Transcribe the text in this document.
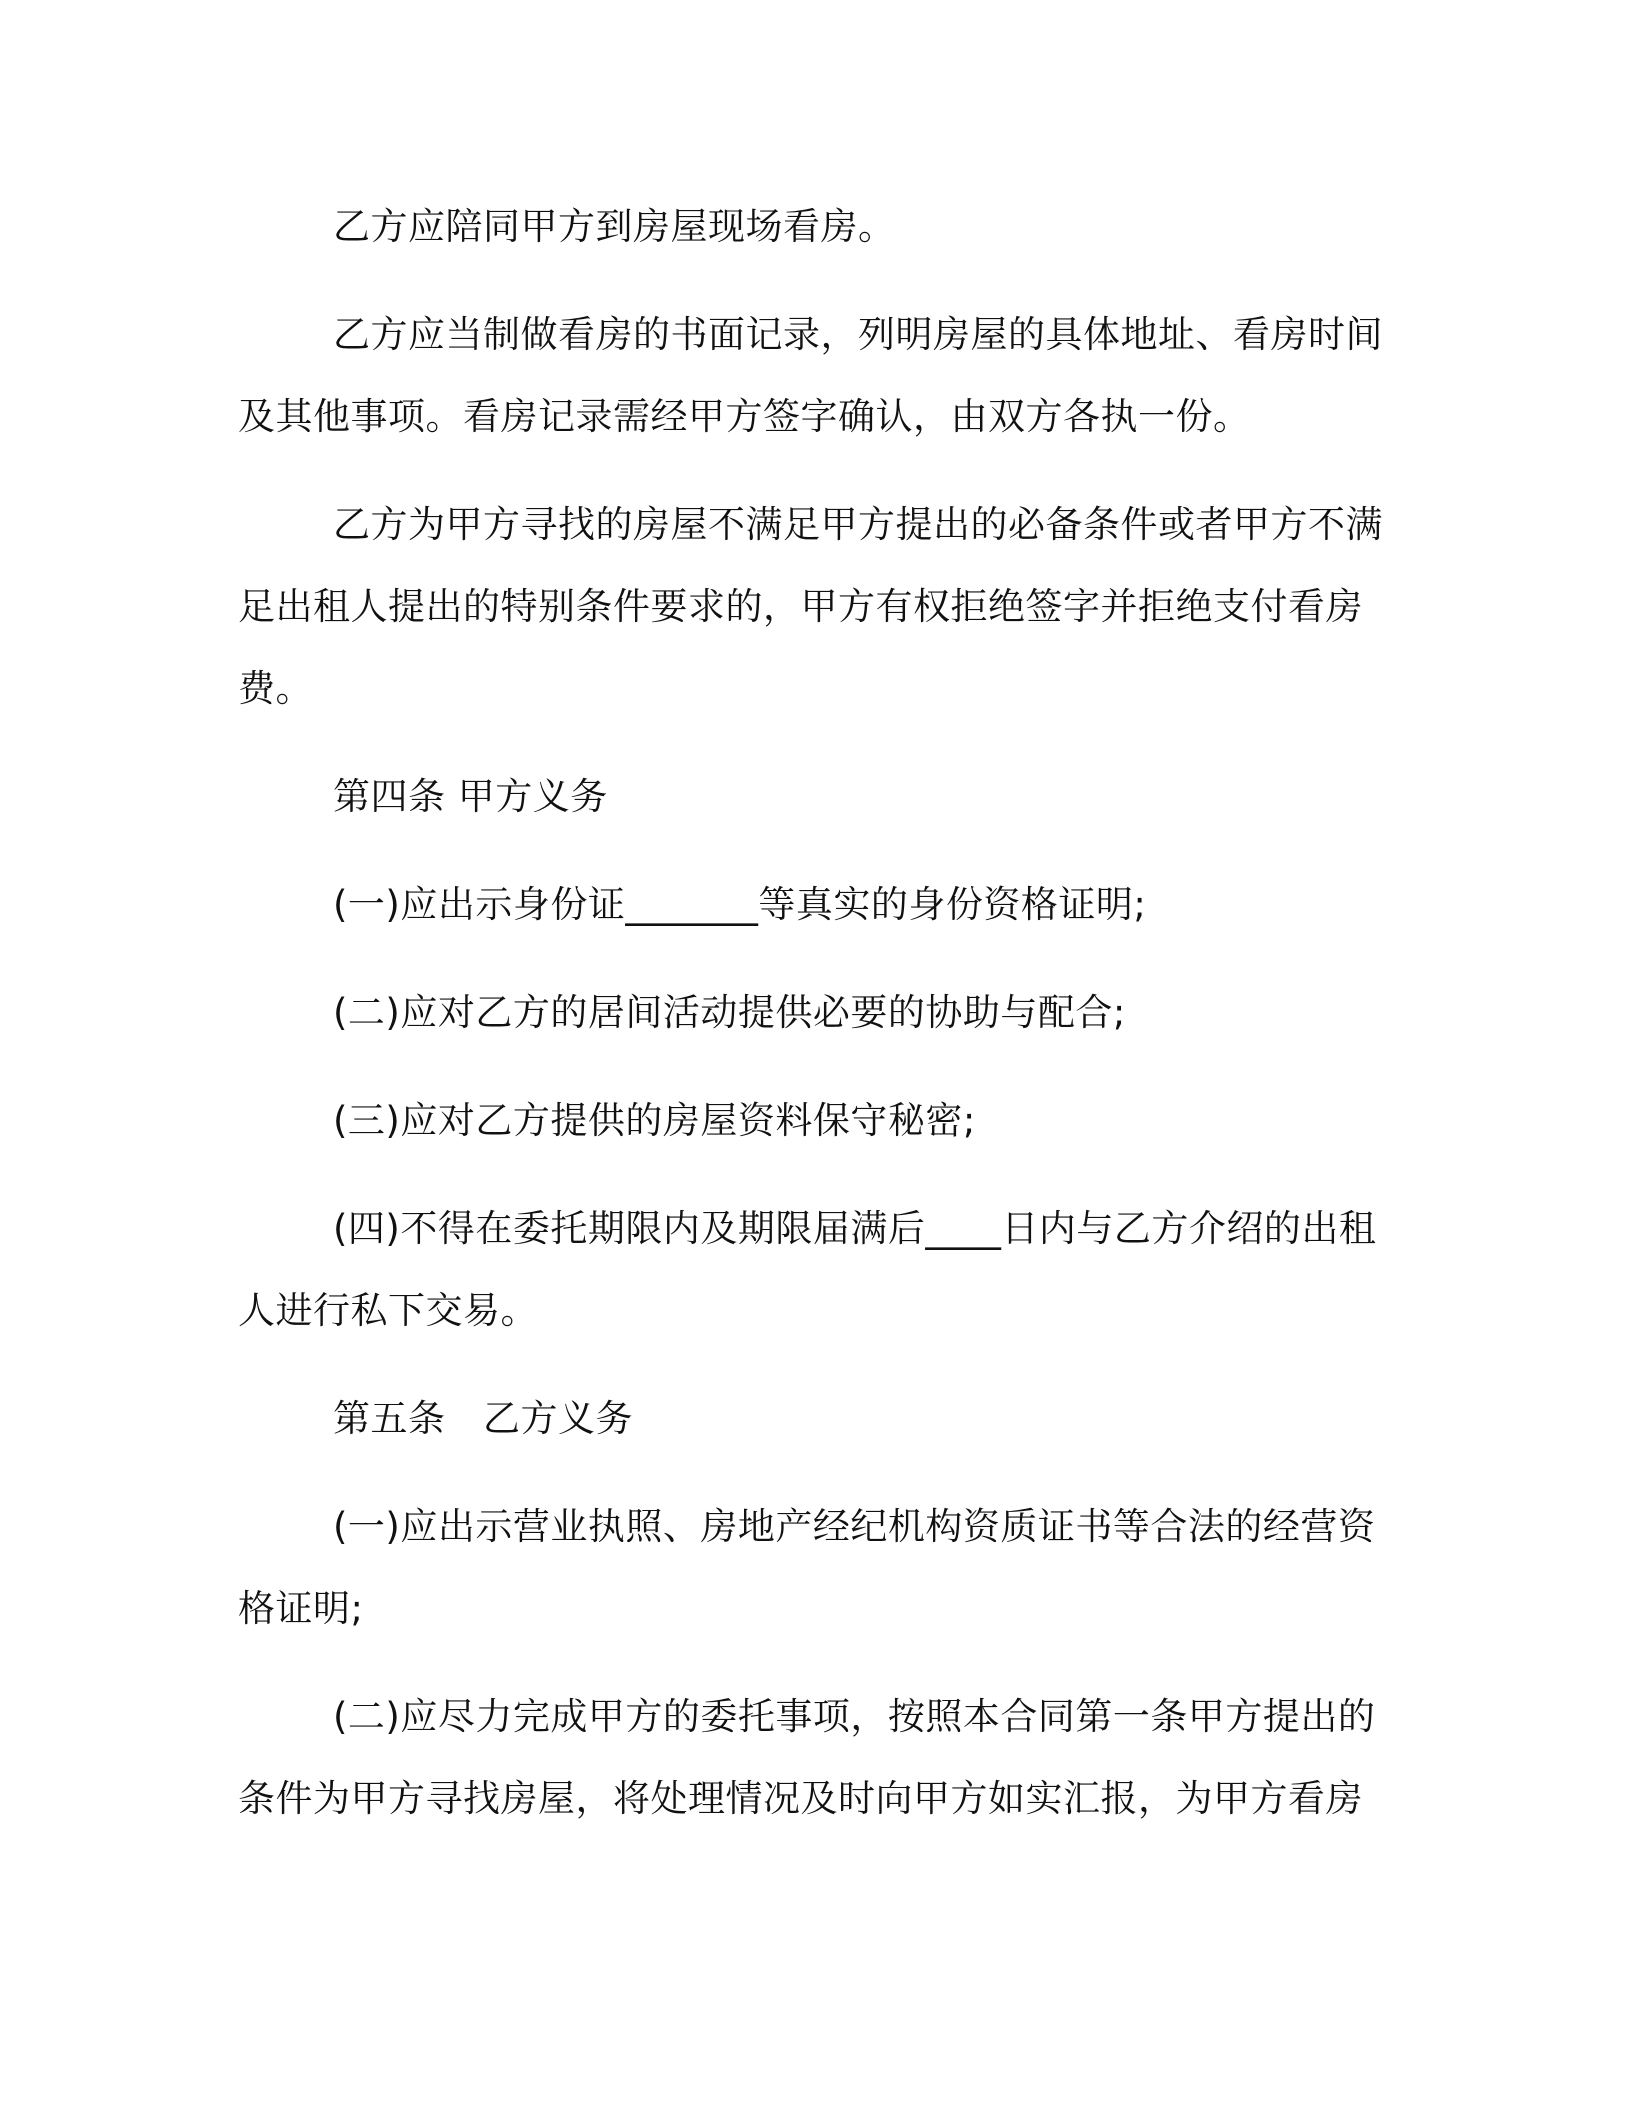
乙方应陪同甲方到房屋现场看房。

乙方应当制做看房的书面记录，列明房屋的具体地址、看房时间及其他事项。看房记录需经甲方签字确认，由双方各执一份。

乙方为甲方寻找的房屋不满足甲方提出的必备条件或者甲方不满足出租人提出的特别条件要求的，甲方有权拒绝签字并拒绝支付看房费。

第四条 甲方义务

(一)应出示身份证_______等真实的身份资格证明;

(二)应对乙方的居间活动提供必要的协助与配合;

(三)应对乙方提供的房屋资料保守秘密;

(四)不得在委托期限内及期限届满后____日内与乙方介绍的出租人进行私下交易。

第五条　乙方义务

(一)应出示营业执照、房地产经纪机构资质证书等合法的经营资格证明;

(二)应尽力完成甲方的委托事项，按照本合同第一条甲方提出的条件为甲方寻找房屋，将处理情况及时向甲方如实汇报，为甲方看房
